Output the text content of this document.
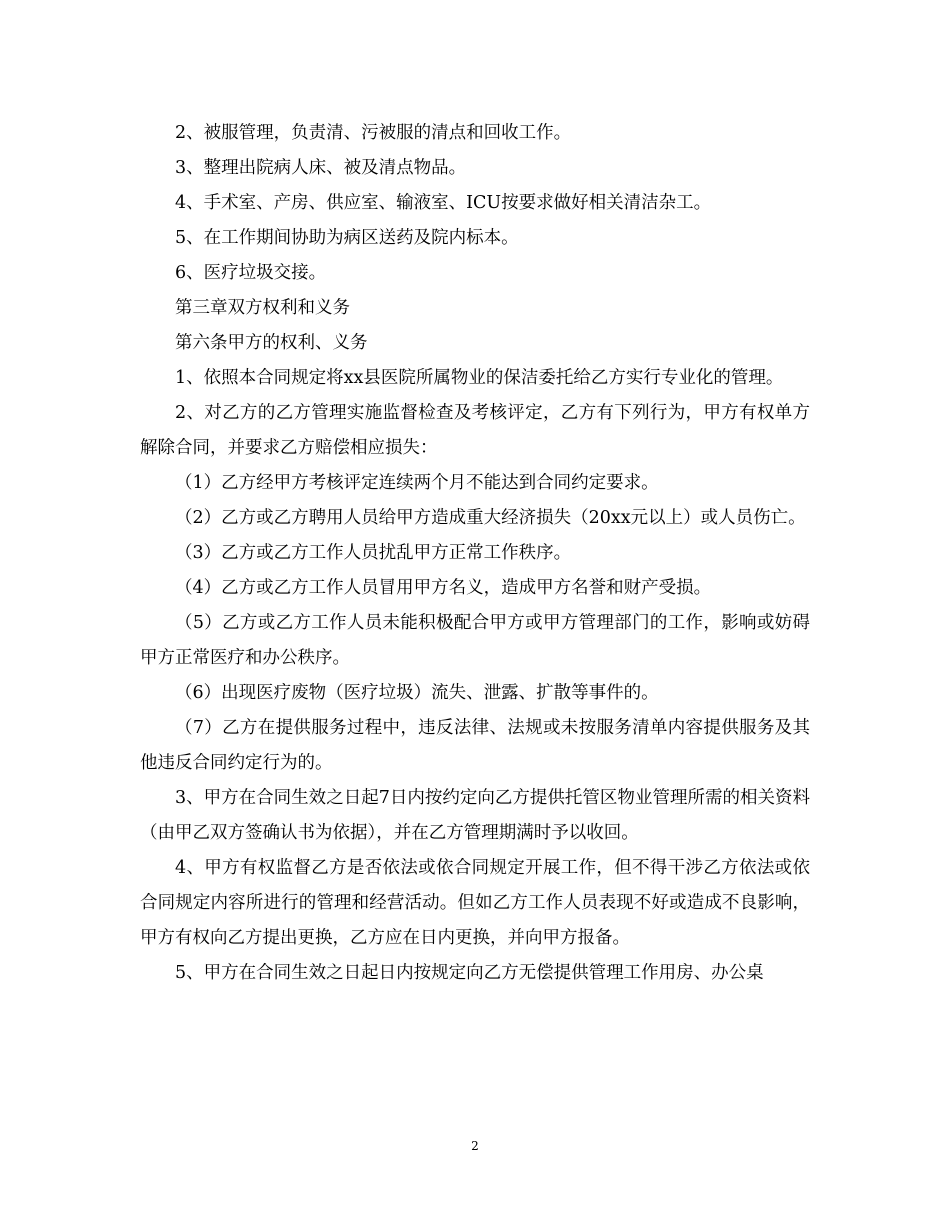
2、被服管理，负责清、污被服的清点和回收工作。

3、整理出院病人床、被及清点物品。

4、手术室、产房、供应室、输液室、ICU按要求做好相关清洁杂工。

5、在工作期间协助为病区送药及院内标本。

6、医疗垃圾交接。

第三章双方权利和义务

第六条甲方的权利、义务

1、依照本合同规定将xx县医院所属物业的保洁委托给乙方实行专业化的管理。

2、对乙方的乙方管理实施监督检查及考核评定，乙方有下列行为，甲方有权单方解除合同，并要求乙方赔偿相应损失：

（1）乙方经甲方考核评定连续两个月不能达到合同约定要求。

（2）乙方或乙方聘用人员给甲方造成重大经济损失（20xx元以上）或人员伤亡。

（3）乙方或乙方工作人员扰乱甲方正常工作秩序。

（4）乙方或乙方工作人员冒用甲方名义，造成甲方名誉和财产受损。

（5）乙方或乙方工作人员未能积极配合甲方或甲方管理部门的工作，影响或妨碍甲方正常医疗和办公秩序。

（6）出现医疗废物（医疗垃圾）流失、泄露、扩散等事件的。

（7）乙方在提供服务过程中，违反法律、法规或未按服务清单内容提供服务及其他违反合同约定行为的。

3、甲方在合同生效之日起7日内按约定向乙方提供托管区物业管理所需的相关资料（由甲乙双方签确认书为依据），并在乙方管理期满时予以收回。

4、甲方有权监督乙方是否依法或依合同规定开展工作，但不得干涉乙方依法或依合同规定内容所进行的管理和经营活动。但如乙方工作人员表现不好或造成不良影响，甲方有权向乙方提出更换，乙方应在日内更换，并向甲方报备。

5、甲方在合同生效之日起日内按规定向乙方无偿提供管理工作用房、办公桌

2
